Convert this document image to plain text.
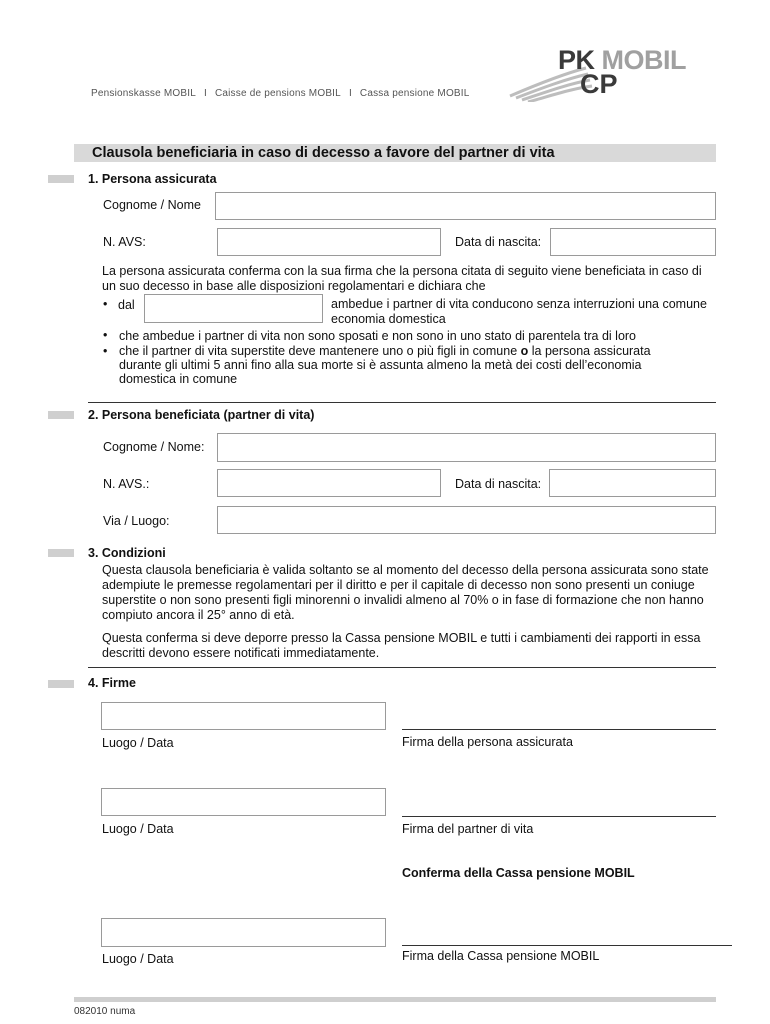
Pensionskasse MOBIL I Caisse de pensions MOBIL I Cassa pensione MOBIL
PK MOBIL
CP
Clausola beneficiaria in caso di decesso a favore del partner di vita
1. Persona assicurata
Cognome / Nome
N. AVS:	Data di nascita:
La persona assicurata conferma con la sua firma che la persona citata di seguito viene beneficiata in caso di un suo decesso in base alle disposizioni regolamentari e dichiara che
• dal	ambedue i partner di vita conducono senza interruzioni una comune economia domestica
• che ambedue i partner di vita non sono sposati e non sono in uno stato di parentela tra di loro
• che il partner di vita superstite deve mantenere uno o più figli in comune o la persona assicurata durante gli ultimi 5 anni fino alla sua morte si è assunta almeno la metà dei costi dell’economia domestica in comune
2. Persona beneficiata (partner di vita)
Cognome / Nome:
N. AVS.:	Data di nascita:
Via / Luogo:
3. Condizioni
Questa clausola beneficiaria è valida soltanto se al momento del decesso della persona assicurata sono state adempiute le premesse regolamentari per il diritto e per il capitale di decesso non sono presenti un coniuge superstite o non sono presenti figli minorenni o invalidi almeno al 70% o in fase di formazione che non hanno compiuto ancora il 25° anno di età.
Questa conferma si deve deporre presso la Cassa pensione MOBIL e tutti i cambiamenti dei rapporti in essa descritti devono essere notificati immediatamente.
4. Firme
Luogo / Data	Firma della persona assicurata
Luogo / Data	Firma del partner di vita
Conferma della Cassa pensione MOBIL
Luogo / Data	Firma della Cassa pensione MOBIL
082010 numa
